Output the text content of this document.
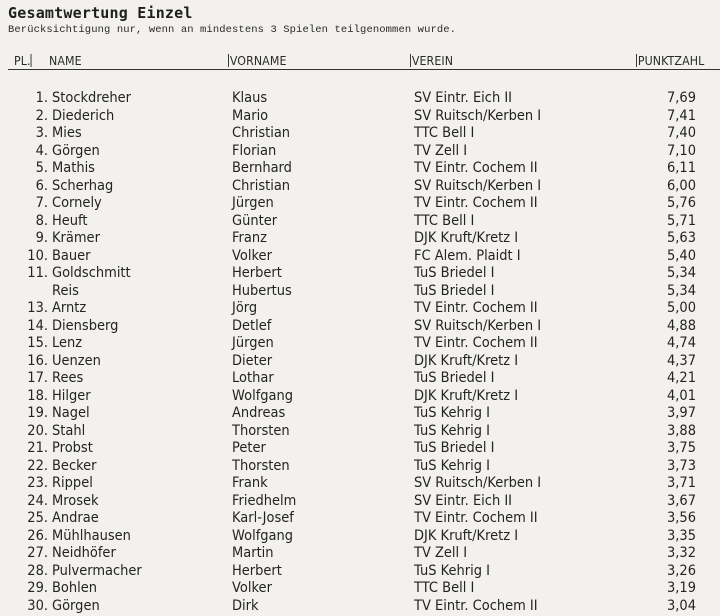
Gesamtwertung Einzel
Berücksichtigung nur, wenn an mindestens 3 Spielen teilgenommen wurde.
PL. NAME	VORNAME	VEREIN	PUNKTZAHL
1. Stockdreher	Klaus	SV Eintr. Eich II	7,69
2. Diederich	Mario	SV Ruitsch/Kerben I	7,41
3. Mies	Christian	TTC Bell I	7,40
4. Görgen	Florian	TV Zell I	7,10
5. Mathis	Bernhard	TV Eintr. Cochem II	6,11
6. Scherhag	Christian	SV Ruitsch/Kerben I	6,00
7. Cornely	Jürgen	TV Eintr. Cochem II	5,76
8. Heuft	Günter	TTC Bell I	5,71
9. Krämer	Franz	DJK Kruft/Kretz I	5,63
10. Bauer	Volker	FC Alem. Plaidt I	5,40
11. Goldschmitt	Herbert	TuS Briedel I	5,34
Reis	Hubertus	TuS Briedel I	5,34
13. Arntz	Jörg	TV Eintr. Cochem II	5,00
14. Diensberg	Detlef	SV Ruitsch/Kerben I	4,88
15. Lenz	Jürgen	TV Eintr. Cochem II	4,74
16. Uenzen	Dieter	DJK Kruft/Kretz I	4,37
17. Rees	Lothar	TuS Briedel I	4,21
18. Hilger	Wolfgang	DJK Kruft/Kretz I	4,01
19. Nagel	Andreas	TuS Kehrig I	3,97
20. Stahl	Thorsten	TuS Kehrig I	3,88
21. Probst	Peter	TuS Briedel I	3,75
22. Becker	Thorsten	TuS Kehrig I	3,73
23. Rippel	Frank	SV Ruitsch/Kerben I	3,71
24. Mrosek	Friedhelm	SV Eintr. Eich II	3,67
25. Andrae	Karl-Josef	TV Eintr. Cochem II	3,56
26. Mühlhausen	Wolfgang	DJK Kruft/Kretz I	3,35
27. Neidhöfer	Martin	TV Zell I	3,32
28. Pulvermacher	Herbert	TuS Kehrig I	3,26
29. Bohlen	Volker	TTC Bell I	3,19
30. Görgen	Dirk	TV Eintr. Cochem II	3,04
